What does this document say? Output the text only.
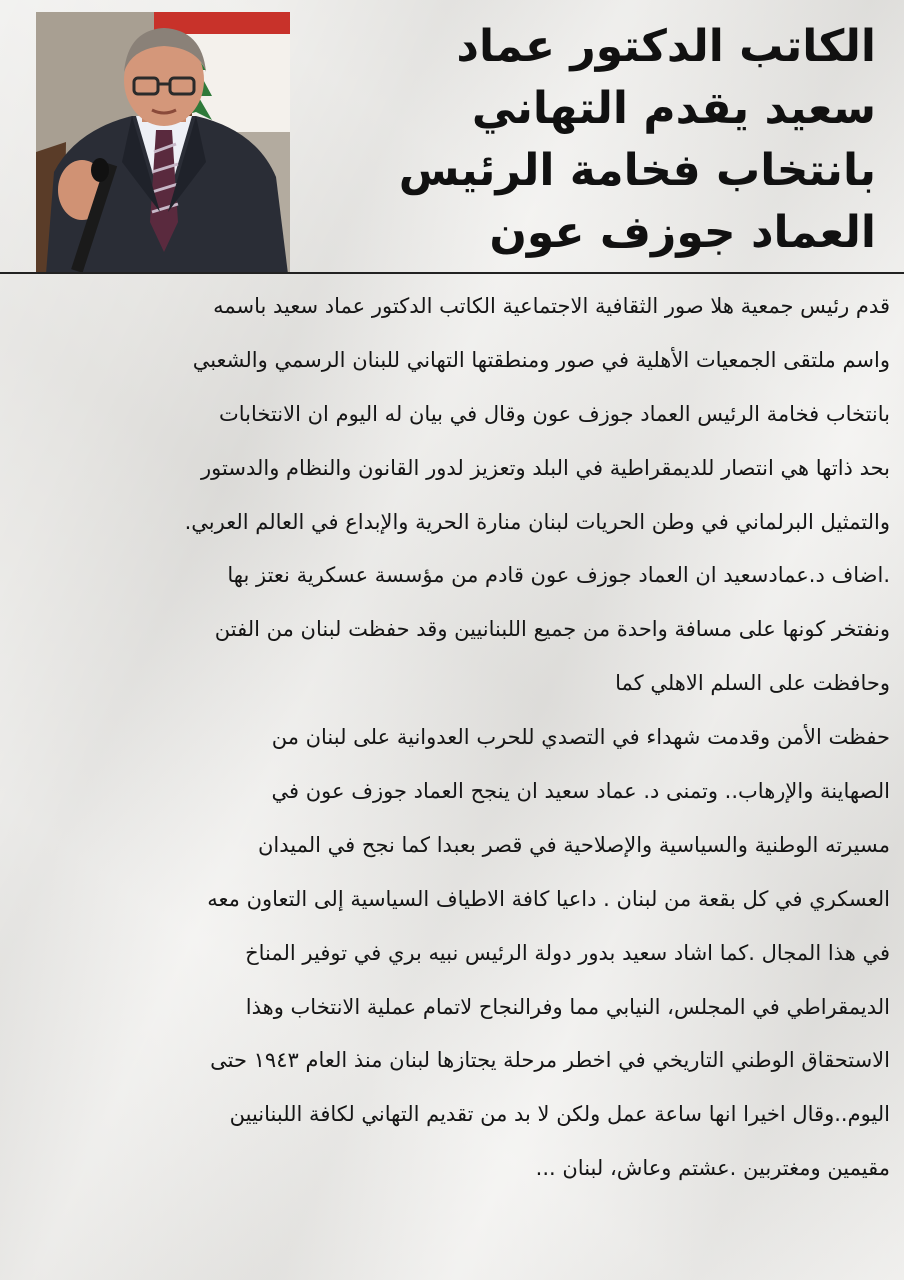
الكاتب الدكتور عماد
سعيد يقدم التهاني
بانتخاب فخامة الرئيس
العماد جوزف عون
قدم رئيس جمعية هلا صور الثقافية الاجتماعية الكاتب الدكتور عماد سعيد باسمه
واسم ملتقى الجمعيات الأهلية في صور ومنطقتها التهاني للبنان الرسمي والشعبي
بانتخاب فخامة الرئيس العماد جوزف عون وقال في بيان له اليوم ان الانتخابات
بحد ذاتها هي انتصار للديمقراطية في البلد وتعزيز لدور القانون والنظام والدستور
والتمثيل البرلماني في وطن الحريات لبنان منارة الحرية والإبداع في العالم العربي.
.اضاف د.عمادسعيد ان العماد جوزف عون قادم من مؤسسة عسكرية نعتز بها
ونفتخر كونها على مسافة واحدة من جميع اللبنانيين وقد حفظت لبنان من الفتن
وحافظت على السلم الاهلي كما
حفظت الأمن وقدمت شهداء في التصدي للحرب العدوانية على لبنان من
الصهاينة والإرهاب.. وتمنى د. عماد سعيد ان ينجح العماد جوزف عون في
مسيرته الوطنية والسياسية والإصلاحية في قصر بعبدا كما نجح في الميدان
العسكري في كل بقعة من لبنان . داعيا كافة الاطياف السياسية إلى التعاون معه
في هذا المجال .كما اشاد سعيد بدور دولة الرئيس نبيه بري في توفير المناخ
الديمقراطي في المجلس، النيابي مما وفرالنجاح لاتمام عملية الانتخاب وهذا
الاستحقاق الوطني التاريخي في اخطر مرحلة يجتازها لبنان منذ العام ١٩٤٣ حتى
اليوم..وقال اخيرا انها ساعة عمل ولكن لا بد من تقديم التهاني لكافة اللبنانيين
مقيمين ومغتربين .عشتم وعاش، لبنان ...
